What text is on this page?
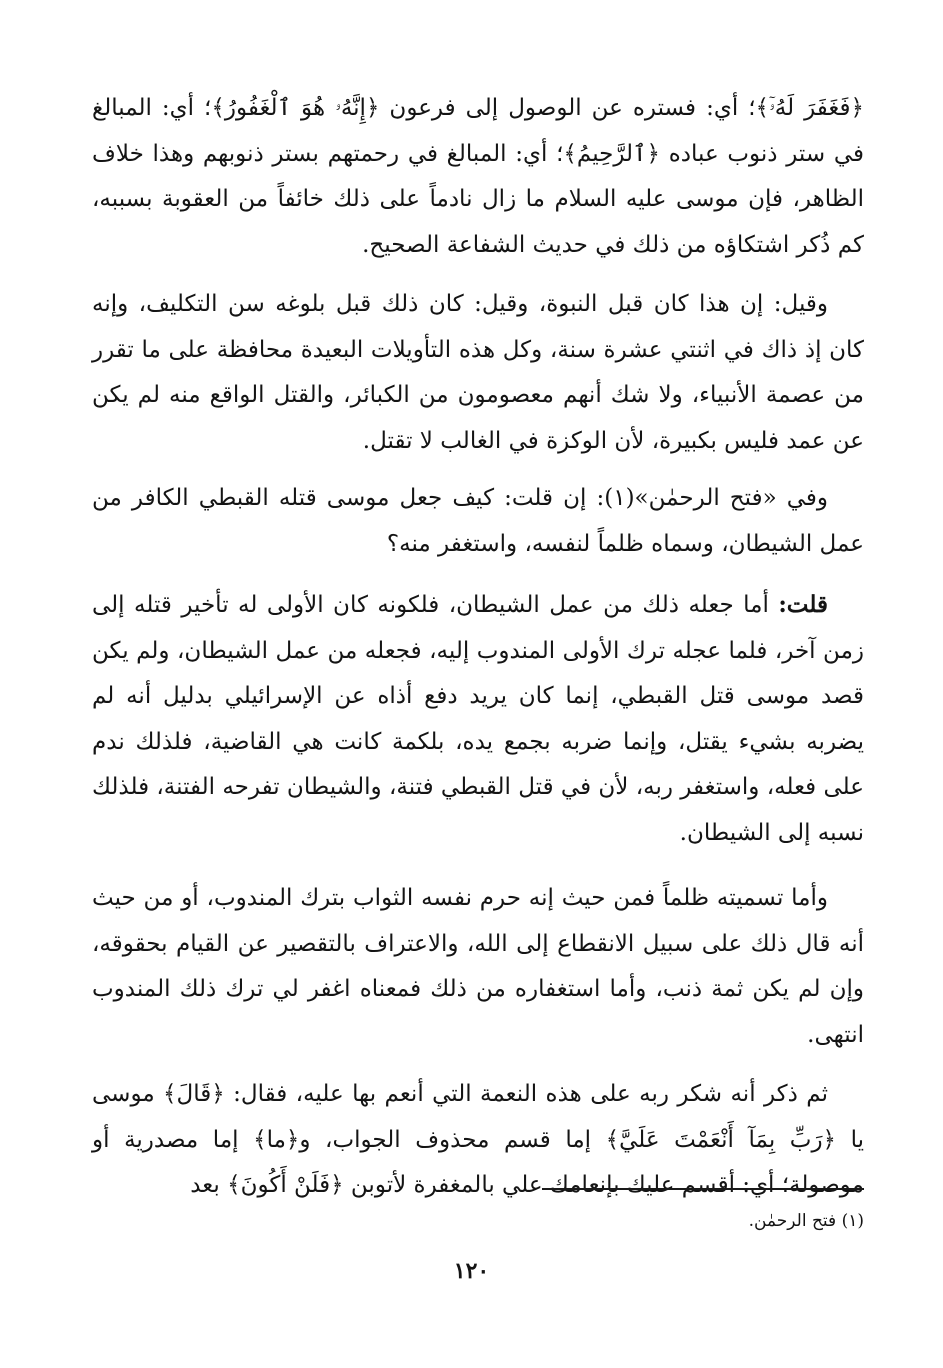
﴿فَغَفَرَ لَهُۥٓ﴾؛ أي: فستره عن الوصول إلى فرعون ﴿إِنَّهُۥ هُوَ ٱلْغَفُورُ﴾؛ أي: المبالغ في ستر ذنوب عباده ﴿ٱلرَّحِيمُ﴾؛ أي: المبالغ في رحمتهم بستر ذنوبهم وهذا خلاف الظاهر، فإن موسى عليه السلام ما زال نادماً على ذلك خائفاً من العقوبة بسببه، كم ذُكر اشتكاؤه من ذلك في حديث الشفاعة الصحيح.

وقيل: إن هذا كان قبل النبوة، وقيل: كان ذلك قبل بلوغه سن التكليف، وإنه كان إذ ذاك في اثنتي عشرة سنة، وكل هذه التأويلات البعيدة محافظة على ما تقرر من عصمة الأنبياء، ولا شك أنهم معصومون من الكبائر، والقتل الواقع منه لم يكن عن عمد فليس بكبيرة، لأن الوكزة في الغالب لا تقتل.

وفي «فتح الرحمٰن»(١): إن قلت: كيف جعل موسى قتله القبطي الكافر من عمل الشيطان، وسماه ظلماً لنفسه، واستغفر منه؟

قلت: أما جعله ذلك من عمل الشيطان، فلكونه كان الأولى له تأخير قتله إلى زمن آخر، فلما عجله ترك الأولى المندوب إليه، فجعله من عمل الشيطان، ولم يكن قصد موسى قتل القبطي، إنما كان يريد دفع أذاه عن الإسرائيلي بدليل أنه لم يضربه بشيء يقتل، وإنما ضربه بجمع يده، بلكمة كانت هي القاضية، فلذلك ندم على فعله، واستغفر ربه، لأن في قتل القبطي فتنة، والشيطان تفرحه الفتنة، فلذلك نسبه إلى الشيطان.

وأما تسميته ظلماً فمن حيث إنه حرم نفسه الثواب بترك المندوب، أو من حيث أنه قال ذلك على سبيل الانقطاع إلى الله، والاعتراف بالتقصير عن القيام بحقوقه، وإن لم يكن ثمة ذنب، وأما استغفاره من ذلك فمعناه اغفر لي ترك ذلك المندوب انتهى.

ثم ذكر أنه شكر ربه على هذه النعمة التي أنعم بها عليه، فقال: ﴿قَالَ﴾ موسى يا ﴿رَبِّ بِمَآ أَنْعَمْتَ عَلَيَّ﴾ إما قسم محذوف الجواب، و﴿ما﴾ إما مصدرية أو موصولة؛ أي: أقسم عليك بإنعامك علي بالمغفرة لأتوبن ﴿فَلَنْ أَكُونَ﴾ بعد

(١) فتح الرحمٰن.
١٢٠
